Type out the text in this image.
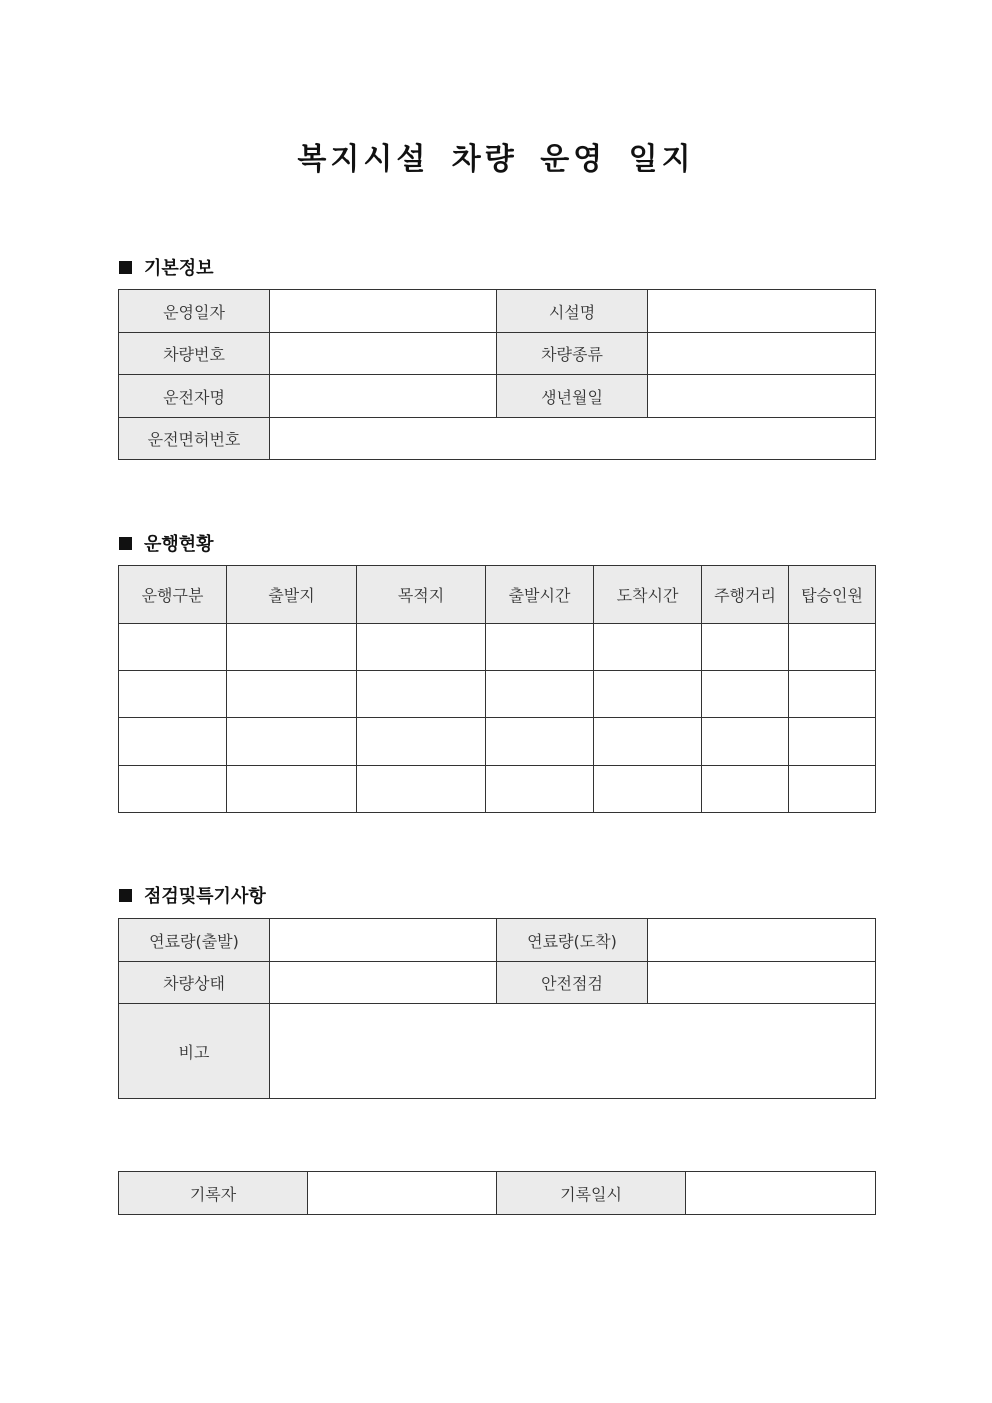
복지시설 차량 운영 일지
기본정보
운영일자		시설명	
차량번호		차량종류	
운전자명		생년월일	
운전면허번호			
운행현황
운행구분	출발지	목적지	출발시간	도착시간	주행거리	탑승인원

점검및특기사항
연료량(출발)		연료량(도착)	
차량상태		안전점검	
비고			
기록자		기록일시	
